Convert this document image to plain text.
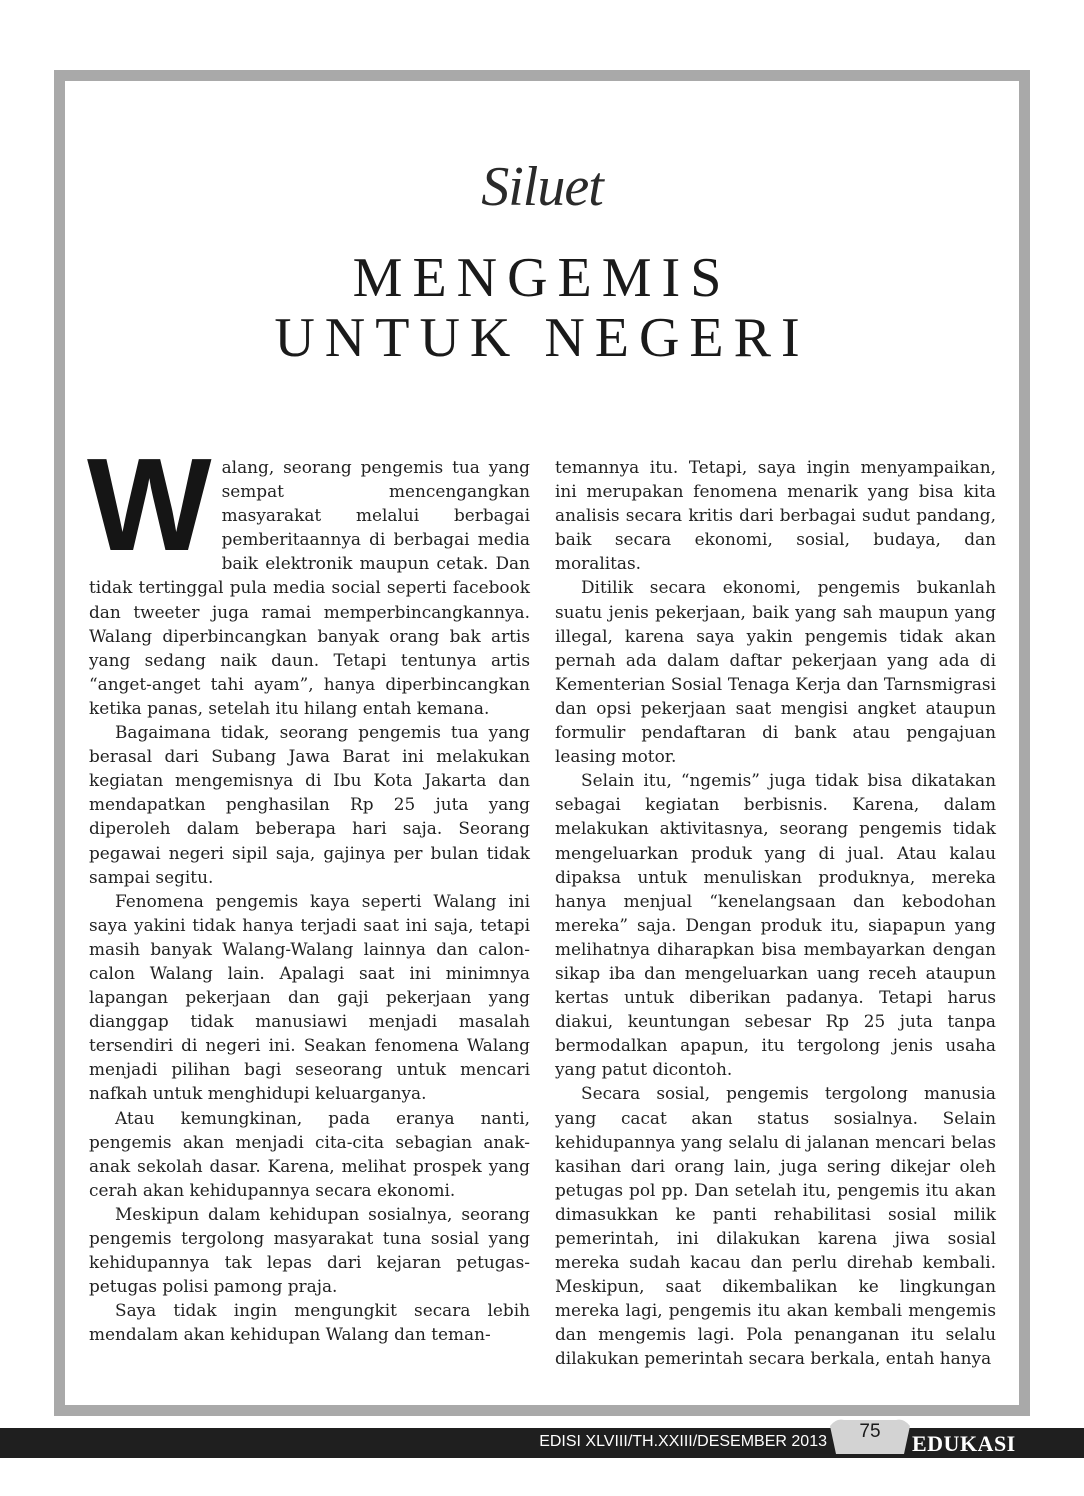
Siluet
MENGEMIS
UNTUK NEGERI

Walang, seorang pengemis tua yang sempat mencengangkan masyarakat melalui berbagai pemberitaannya di berbagai media baik elektronik maupun cetak. Dan tidak tertinggal pula media social seperti facebook dan tweeter juga ramai memperbincangkannya. Walang diperbincangkan banyak orang bak artis yang sedang naik daun. Tetapi tentunya artis “anget-anget tahi ayam”, hanya diperbincangkan ketika panas, setelah itu hilang entah kemana.

Bagaimana tidak, seorang pengemis tua yang berasal dari Subang Jawa Barat ini melakukan kegiatan mengemisnya di Ibu Kota Jakarta dan mendapatkan penghasilan Rp 25 juta yang diperoleh dalam beberapa hari saja. Seorang pegawai negeri sipil saja, gajinya per bulan tidak sampai segitu.

Fenomena pengemis kaya seperti Walang ini saya yakini tidak hanya terjadi saat ini saja, tetapi masih banyak Walang-Walang lainnya dan calon-calon Walang lain. Apalagi saat ini minimnya lapangan pekerjaan dan gaji pekerjaan yang dianggap tidak manusiawi menjadi masalah tersendiri di negeri ini. Seakan fenomena Walang menjadi pilihan bagi seseorang untuk mencari nafkah untuk menghidupi keluarganya.

Atau kemungkinan, pada eranya nanti, pengemis akan menjadi cita-cita sebagian anak-anak sekolah dasar. Karena, melihat prospek yang cerah akan kehidupannya secara ekonomi.

Meskipun dalam kehidupan sosialnya, seorang pengemis tergolong masyarakat tuna sosial yang kehidupannya tak lepas dari kejaran petugas-petugas polisi pamong praja.

Saya tidak ingin mengungkit secara lebih mendalam akan kehidupan Walang dan teman-

temannya itu. Tetapi, saya ingin menyampaikan, ini merupakan fenomena menarik yang bisa kita analisis secara kritis dari berbagai sudut pandang, baik secara ekonomi, sosial, budaya, dan moralitas.

Ditilik secara ekonomi, pengemis bukanlah suatu jenis pekerjaan, baik yang sah maupun yang illegal, karena saya yakin pengemis tidak akan pernah ada dalam daftar pekerjaan yang ada di Kementerian Sosial Tenaga Kerja dan Tarnsmigrasi dan opsi pekerjaan saat mengisi angket ataupun formulir pendaftaran di bank atau pengajuan leasing motor.

Selain itu, “ngemis” juga tidak bisa dikatakan sebagai kegiatan berbisnis. Karena, dalam melakukan aktivitasnya, seorang pengemis tidak mengeluarkan produk yang di jual. Atau kalau dipaksa untuk menuliskan produknya, mereka hanya menjual “kenelangsaan dan kebodohan mereka” saja. Dengan produk itu, siapapun yang melihatnya diharapkan bisa membayarkan dengan sikap iba dan mengeluarkan uang receh ataupun kertas untuk diberikan padanya. Tetapi harus diakui, keuntungan sebesar Rp 25 juta tanpa bermodalkan apapun, itu tergolong jenis usaha yang patut dicontoh.

Secara sosial, pengemis tergolong manusia yang cacat akan status sosialnya. Selain kehidupannya yang selalu di jalanan mencari belas kasihan dari orang lain, juga sering dikejar oleh petugas pol pp. Dan setelah itu, pengemis itu akan dimasukkan ke panti rehabilitasi sosial milik pemerintah, ini dilakukan karena jiwa sosial mereka sudah kacau dan perlu direhab kembali. Meskipun, saat dikembalikan ke lingkungan mereka lagi, pengemis itu akan kembali mengemis dan mengemis lagi. Pola penanganan itu selalu dilakukan pemerintah secara berkala, entah hanya

EDISI XLVIII/TH.XXIII/DESEMBER 2013	75	EDUKASI
